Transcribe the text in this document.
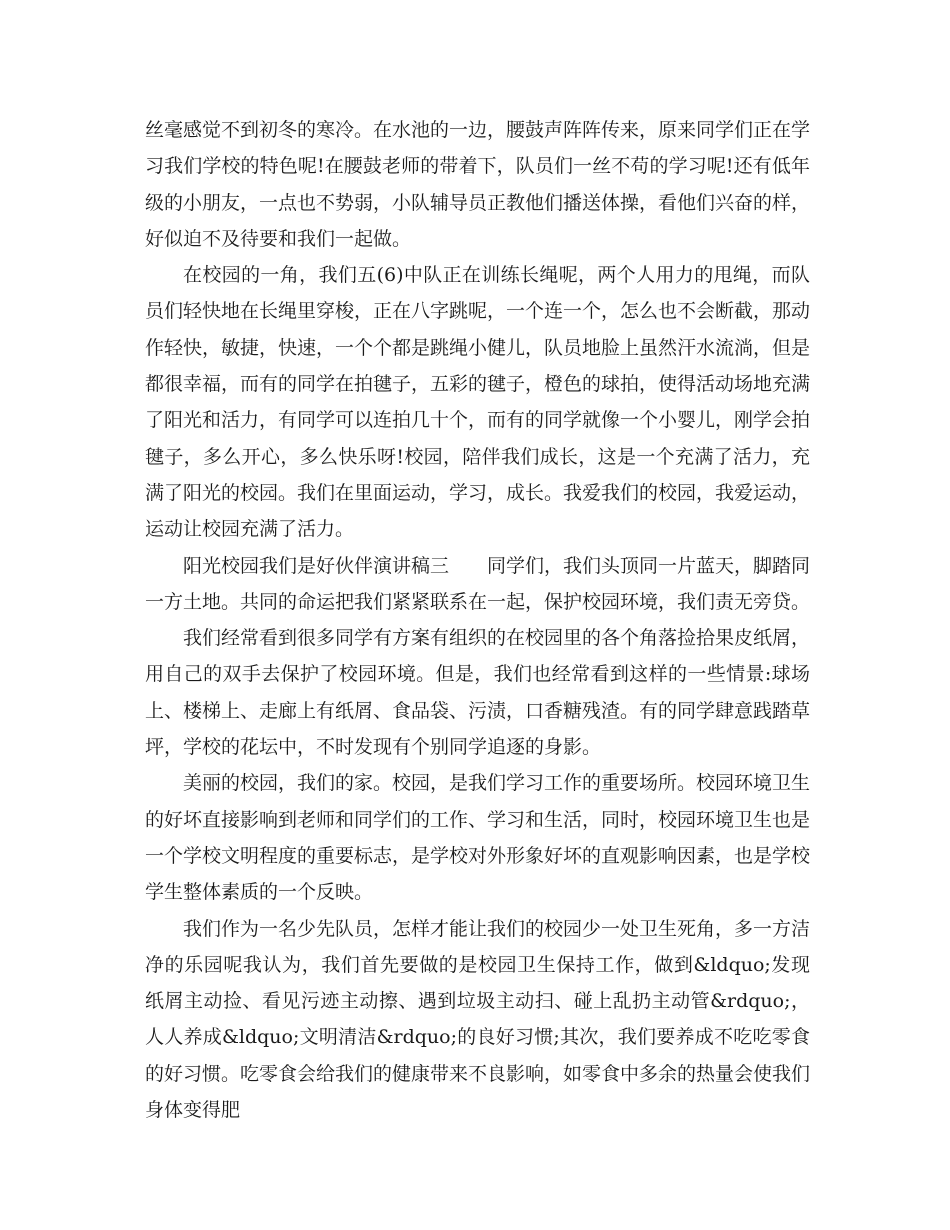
丝毫感觉不到初冬的寒冷。在水池的一边，腰鼓声阵阵传来，原来同学们正在学习我们学校的特色呢!在腰鼓老师的带着下，队员们一丝不苟的学习呢!还有低年级的小朋友，一点也不势弱，小队辅导员正教他们播送体操，看他们兴奋的样，好似迫不及待要和我们一起做。

在校园的一角，我们五(6)中队正在训练长绳呢，两个人用力的甩绳，而队员们轻快地在长绳里穿梭，正在八字跳呢，一个连一个，怎么也不会断截，那动作轻快，敏捷，快速，一个个都是跳绳小健儿，队员地脸上虽然汗水流淌，但是都很幸福，而有的同学在拍毽子，五彩的毽子，橙色的球拍，使得活动场地充满了阳光和活力，有同学可以连拍几十个，而有的同学就像一个小婴儿，刚学会拍毽子，多么开心，多么快乐呀!校园，陪伴我们成长，这是一个充满了活力，充满了阳光的校园。我们在里面运动，学习，成长。我爱我们的校园，我爱运动，运动让校园充满了活力。

阳光校园我们是好伙伴演讲稿三　　同学们，我们头顶同一片蓝天，脚踏同一方土地。共同的命运把我们紧紧联系在一起，保护校园环境，我们责无旁贷。

我们经常看到很多同学有方案有组织的在校园里的各个角落捡拾果皮纸屑，用自己的双手去保护了校园环境。但是，我们也经常看到这样的一些情景:球场上、楼梯上、走廊上有纸屑、食品袋、污渍，口香糖残渣。有的同学肆意践踏草坪，学校的花坛中，不时发现有个别同学追逐的身影。

美丽的校园，我们的家。校园，是我们学习工作的重要场所。校园环境卫生的好坏直接影响到老师和同学们的工作、学习和生活，同时，校园环境卫生也是一个学校文明程度的重要标志，是学校对外形象好坏的直观影响因素，也是学校学生整体素质的一个反映。

我们作为一名少先队员，怎样才能让我们的校园少一处卫生死角，多一方洁净的乐园呢我认为，我们首先要做的是校园卫生保持工作，做到&ldquo;发现纸屑主动捡、看见污迹主动擦、遇到垃圾主动扫、碰上乱扔主动管&rdquo;，人人养成&ldquo;文明清洁&rdquo;的良好习惯;其次，我们要养成不吃吃零食的好习惯。吃零食会给我们的健康带来不良影响，如零食中多余的热量会使我们身体变得肥
